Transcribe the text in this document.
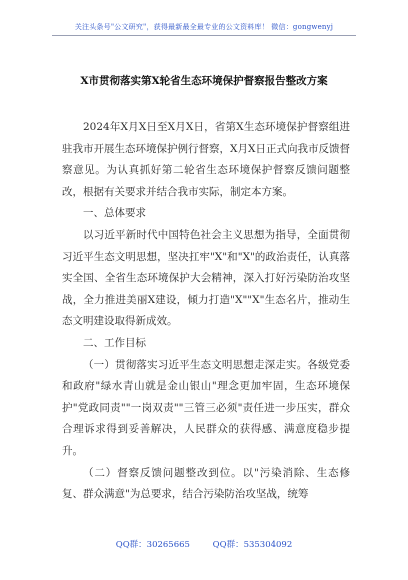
关注头条号"公文研究"，获得最新最全最专业的公文资料库！ 微信：gongwenyj
X市贯彻落实第X轮省生态环境保护督察报告整改方案

2024年X月X日至X月X日，省第X生态环境保护督察组进驻我市开展生态环境保护例行督察，X月X日正式向我市反馈督察意见。为认真抓好第二轮省生态环境保护督察反馈问题整改，根据有关要求并结合我市实际，制定本方案。

一、总体要求

以习近平新时代中国特色社会主义思想为指导，全面贯彻习近平生态文明思想，坚决扛牢"X"和"X"的政治责任，认真落实全国、全省生态环境保护大会精神，深入打好污染防治攻坚战，全力推进美丽X建设，倾力打造"X""X"生态名片，推动生态文明建设取得新成效。

二、工作目标

（一）贯彻落实习近平生态文明思想走深走实。各级党委和政府"绿水青山就是金山银山"理念更加牢固，生态环境保护"党政同责""一岗双责""三管三必须"责任进一步压实，群众合理诉求得到妥善解决，人民群众的获得感、满意度稳步提升。

（二）督察反馈问题整改到位。以"污染消除、生态修复、群众满意"为总要求，结合污染防治攻坚战，统筹

QQ群：30265665	QQ群：535304092
